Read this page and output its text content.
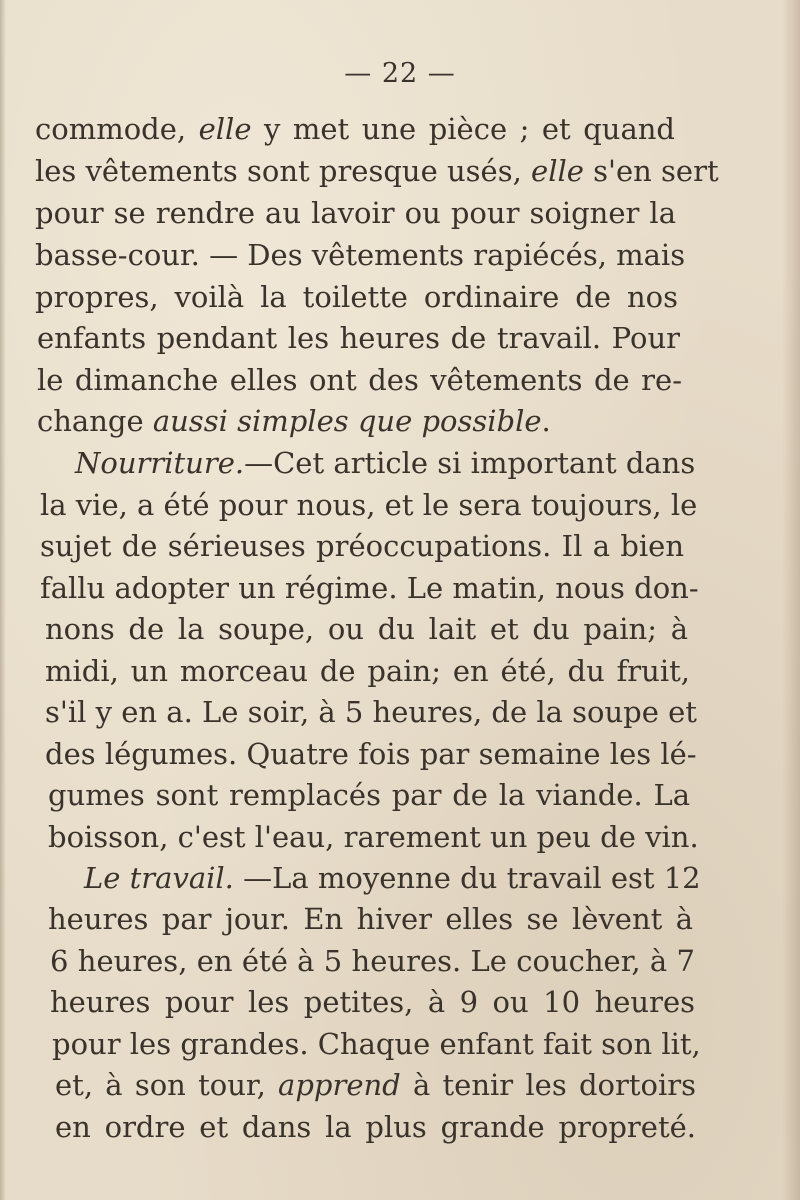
— 22 —
commode, elle y met une pièce ; et quand
les vêtements sont presque usés, elle s'en sert
pour se rendre au lavoir ou pour soigner la
basse-cour. — Des vêtements rapiécés, mais
propres, voilà la toilette ordinaire de nos
enfants pendant les heures de travail. Pour
le dimanche elles ont des vêtements de re-
change aussi simples que possible.
Nourriture.—Cet article si important dans
la vie, a été pour nous, et le sera toujours, le
sujet de sérieuses préoccupations. Il a bien
fallu adopter un régime. Le matin, nous don-
nons de la soupe, ou du lait et du pain; à
midi, un morceau de pain; en été, du fruit,
s'il y en a. Le soir, à 5 heures, de la soupe et
des légumes. Quatre fois par semaine les lé-
gumes sont remplacés par de la viande. La
boisson, c'est l'eau, rarement un peu de vin.
Le travail. —La moyenne du travail est 12
heures par jour. En hiver elles se lèvent à
6 heures, en été à 5 heures. Le coucher, à 7
heures pour les petites, à 9 ou 10 heures
pour les grandes. Chaque enfant fait son lit,
et, à son tour, apprend à tenir les dortoirs
en ordre et dans la plus grande propreté.
